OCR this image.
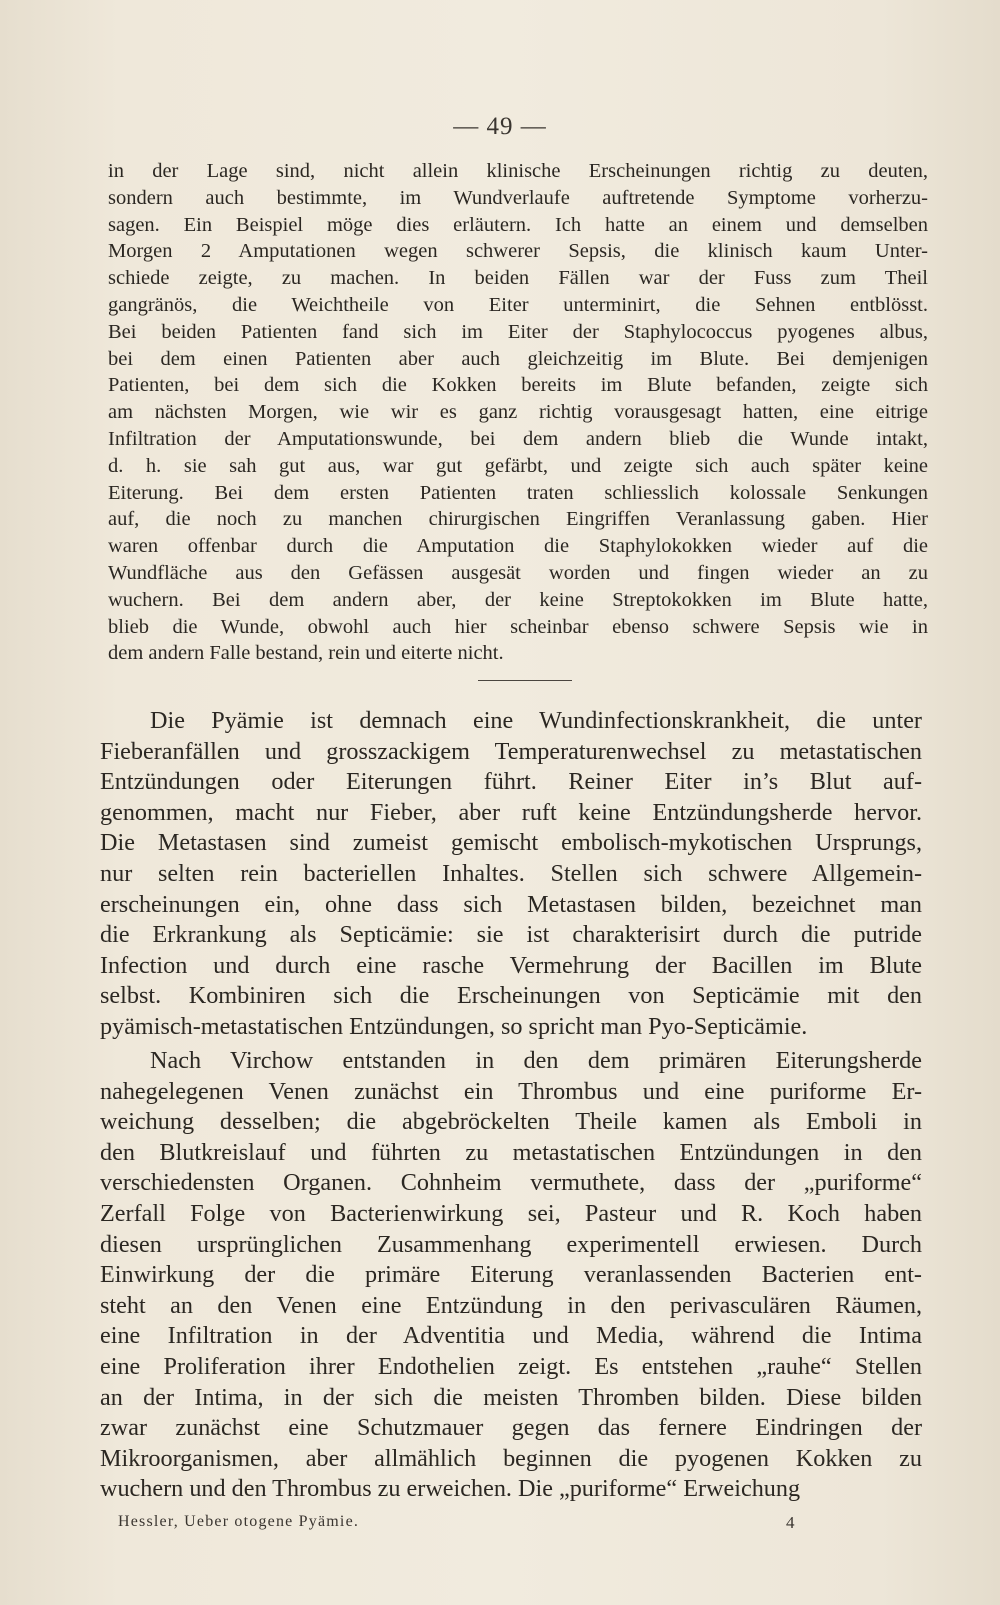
— 49 —
in der Lage sind, nicht allein klinische Erscheinungen richtig zu deuten,
sondern auch bestimmte, im Wundverlaufe auftretende Symptome vorherzu-
sagen. Ein Beispiel möge dies erläutern. Ich hatte an einem und demselben
Morgen 2 Amputationen wegen schwerer Sepsis, die klinisch kaum Unter-
schiede zeigte, zu machen. In beiden Fällen war der Fuss zum Theil
gangränös, die Weichtheile von Eiter unterminirt, die Sehnen entblösst.
Bei beiden Patienten fand sich im Eiter der Staphylococcus pyogenes albus,
bei dem einen Patienten aber auch gleichzeitig im Blute. Bei demjenigen
Patienten, bei dem sich die Kokken bereits im Blute befanden, zeigte sich
am nächsten Morgen, wie wir es ganz richtig vorausgesagt hatten, eine eitrige
Infiltration der Amputationswunde, bei dem andern blieb die Wunde intakt,
d. h. sie sah gut aus, war gut gefärbt, und zeigte sich auch später keine
Eiterung. Bei dem ersten Patienten traten schliesslich kolossale Senkungen
auf, die noch zu manchen chirurgischen Eingriffen Veranlassung gaben. Hier
waren offenbar durch die Amputation die Staphylokokken wieder auf die
Wundfläche aus den Gefässen ausgesät worden und fingen wieder an zu
wuchern. Bei dem andern aber, der keine Streptokokken im Blute hatte,
blieb die Wunde, obwohl auch hier scheinbar ebenso schwere Sepsis wie in
dem andern Falle bestand, rein und eiterte nicht.
Die Pyämie ist demnach eine Wundinfectionskrankheit, die unter
Fieberanfällen und grosszackigem Temperaturenwechsel zu metastatischen
Entzündungen oder Eiterungen führt. Reiner Eiter in’s Blut auf-
genommen, macht nur Fieber, aber ruft keine Entzündungsherde hervor.
Die Metastasen sind zumeist gemischt embolisch-mykotischen Ursprungs,
nur selten rein bacteriellen Inhaltes. Stellen sich schwere Allgemein-
erscheinungen ein, ohne dass sich Metastasen bilden, bezeichnet man
die Erkrankung als Septicämie: sie ist charakterisirt durch die putride
Infection und durch eine rasche Vermehrung der Bacillen im Blute
selbst. Kombiniren sich die Erscheinungen von Septicämie mit den
pyämisch-metastatischen Entzündungen, so spricht man Pyo-Septicämie.
Nach Virchow entstanden in den dem primären Eiterungsherde
nahegelegenen Venen zunächst ein Thrombus und eine puriforme Er-
weichung desselben; die abgebröckelten Theile kamen als Emboli in
den Blutkreislauf und führten zu metastatischen Entzündungen in den
verschiedensten Organen. Cohnheim vermuthete, dass der „puriforme“
Zerfall Folge von Bacterienwirkung sei, Pasteur und R. Koch haben
diesen ursprünglichen Zusammenhang experimentell erwiesen. Durch
Einwirkung der die primäre Eiterung veranlassenden Bacterien ent-
steht an den Venen eine Entzündung in den perivasculären Räumen,
eine Infiltration in der Adventitia und Media, während die Intima
eine Proliferation ihrer Endothelien zeigt. Es entstehen „rauhe“ Stellen
an der Intima, in der sich die meisten Thromben bilden. Diese bilden
zwar zunächst eine Schutzmauer gegen das fernere Eindringen der
Mikroorganismen, aber allmählich beginnen die pyogenen Kokken zu
wuchern und den Thrombus zu erweichen. Die „puriforme“ Erweichung
Hessler, Ueber otogene Pyämie.	4
